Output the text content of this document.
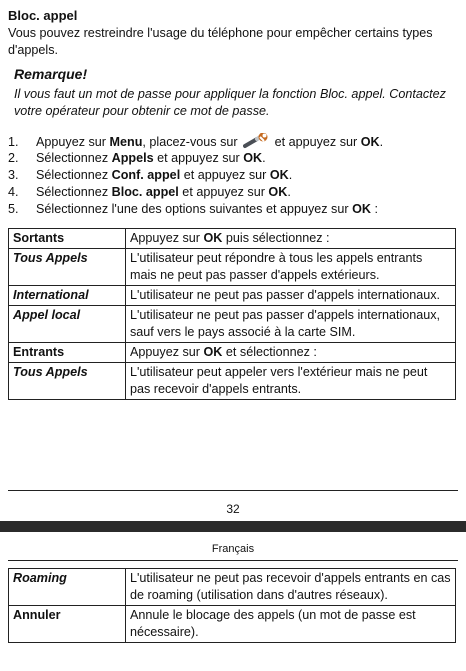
Bloc. appel
Vous pouvez restreindre l'usage du téléphone pour empêcher certains types d'appels.
Remarque!
Il vous faut un mot de passe pour appliquer la fonction Bloc. appel. Contactez votre opérateur pour obtenir ce mot de passe.
1. Appuyez sur Menu, placez-vous sur  et appuyez sur OK.
2. Sélectionnez Appels et appuyez sur OK.
3. Sélectionnez Conf. appel et appuyez sur OK.
4. Sélectionnez Bloc. appel et appuyez sur OK.
5. Sélectionnez l'une des options suivantes et appuyez sur OK :
Sortants	Appuyez sur OK puis sélectionnez :
Tous Appels	L'utilisateur peut répondre à tous les appels entrants mais ne peut pas passer d'appels extérieurs.
International	L'utilisateur ne peut pas passer d'appels internationaux.
Appel local	L'utilisateur ne peut pas passer d'appels internationaux, sauf vers le pays associé à la carte SIM.
Entrants	Appuyez sur OK et sélectionnez :
Tous Appels	L'utilisateur peut appeler vers l'extérieur mais ne peut pas recevoir d'appels entrants.
32
Français
Roaming	L'utilisateur ne peut pas recevoir d'appels entrants en cas de roaming (utilisation dans d'autres réseaux).
Annuler	Annule le blocage des appels (un mot de passe est nécessaire).
